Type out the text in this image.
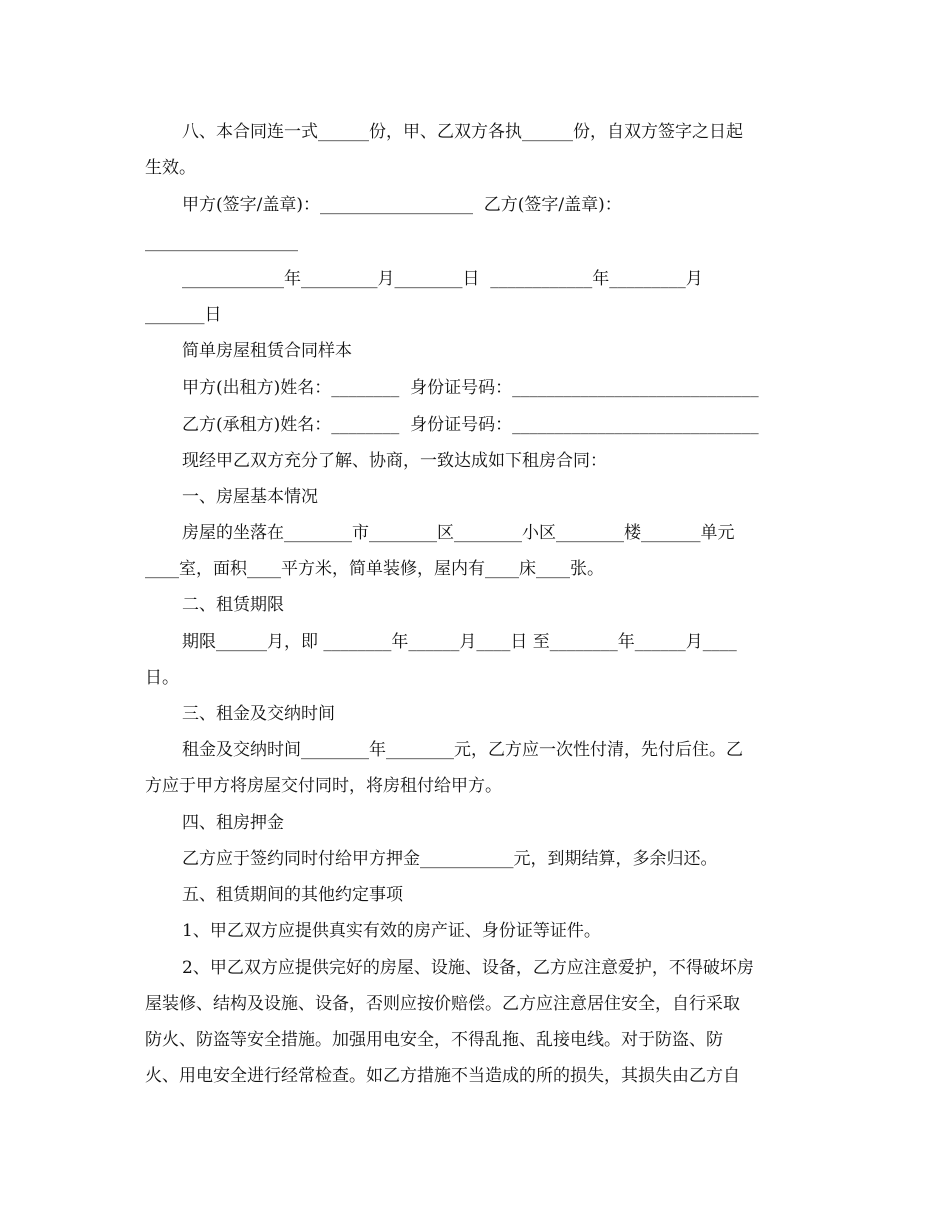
八、本合同连一式______份，甲、乙双方各执______份，自双方签字之日起
生效。
甲方(签字/盖章)：__________________  乙方(签字/盖章)：
__________________
____________年_________月________日  ____________年_________月
_______日
简单房屋租赁合同样本
甲方(出租方)姓名：________  身份证号码：_____________________________
乙方(承租方)姓名：________  身份证号码：_____________________________
现经甲乙双方充分了解、协商，一致达成如下租房合同：
一、房屋基本情况
房屋的坐落在________市________区________小区________楼_______单元
____室，面积____平方米，简单装修，屋内有____床____张。
二、租赁期限
期限______月，即 ________年______月____日 至________年______月____
日。
三、租金及交纳时间
租金及交纳时间________年________元，乙方应一次性付清，先付后住。乙
方应于甲方将房屋交付同时，将房租付给甲方。
四、租房押金
乙方应于签约同时付给甲方押金___________元，到期结算，多余归还。
五、租赁期间的其他约定事项
1、甲乙双方应提供真实有效的房产证、身份证等证件。
2、甲乙双方应提供完好的房屋、设施、设备，乙方应注意爱护，不得破坏房
屋装修、结构及设施、设备，否则应按价赔偿。乙方应注意居住安全，自行采取
防火、防盗等安全措施。加强用电安全，不得乱拖、乱接电线。对于防盗、防
火、用电安全进行经常检查。如乙方措施不当造成的所的损失，其损失由乙方自
